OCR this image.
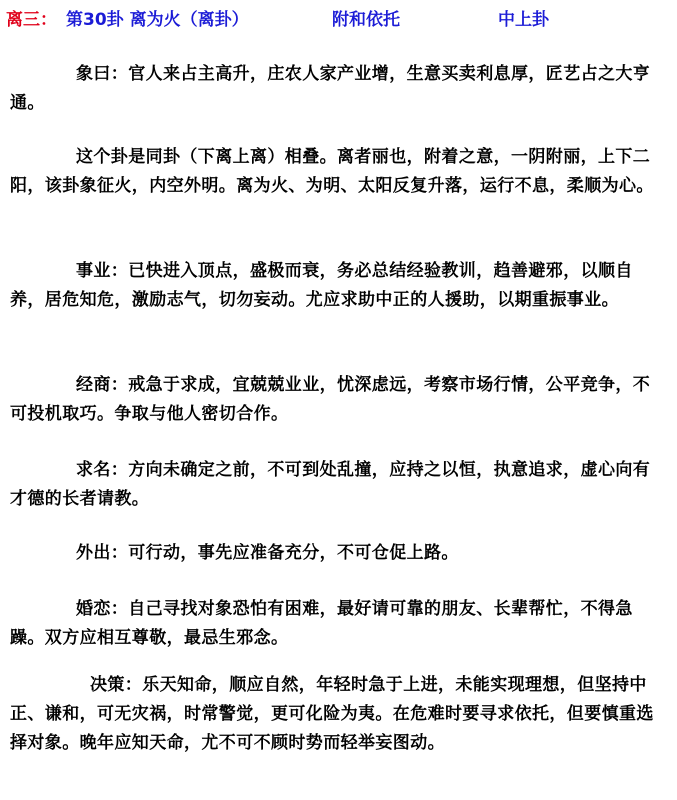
离三： 第30卦 离为火（离卦）	附和依托	中上卦

象曰：官人来占主高升，庄农人家产业增，生意买卖利息厚，匠艺占之大亨通。

这个卦是同卦（下离上离）相叠。离者丽也，附着之意，一阴附丽，上下二阳，该卦象征火，内空外明。离为火、为明、太阳反复升落，运行不息，柔顺为心。

事业：已快进入顶点，盛极而衰，务必总结经验教训，趋善避邪，以顺自养，居危知危，激励志气，切勿妄动。尤应求助中正的人援助，以期重振事业。

经商：戒急于求成，宜兢兢业业，忧深虑远，考察市场行情，公平竞争，不可投机取巧。争取与他人密切合作。

求名：方向未确定之前，不可到处乱撞，应持之以恒，执意追求，虚心向有才德的长者请教。

外出：可行动，事先应准备充分，不可仓促上路。

婚恋：自己寻找对象恐怕有困难，最好请可靠的朋友、长辈帮忙，不得急躁。双方应相互尊敬，最忌生邪念。

决策：乐天知命，顺应自然，年轻时急于上进，未能实现理想，但坚持中正、谦和，可无灾祸，时常警觉，更可化险为夷。在危难时要寻求依托，但要慎重选择对象。晚年应知天命，尤不可不顾时势而轻举妄图动。
